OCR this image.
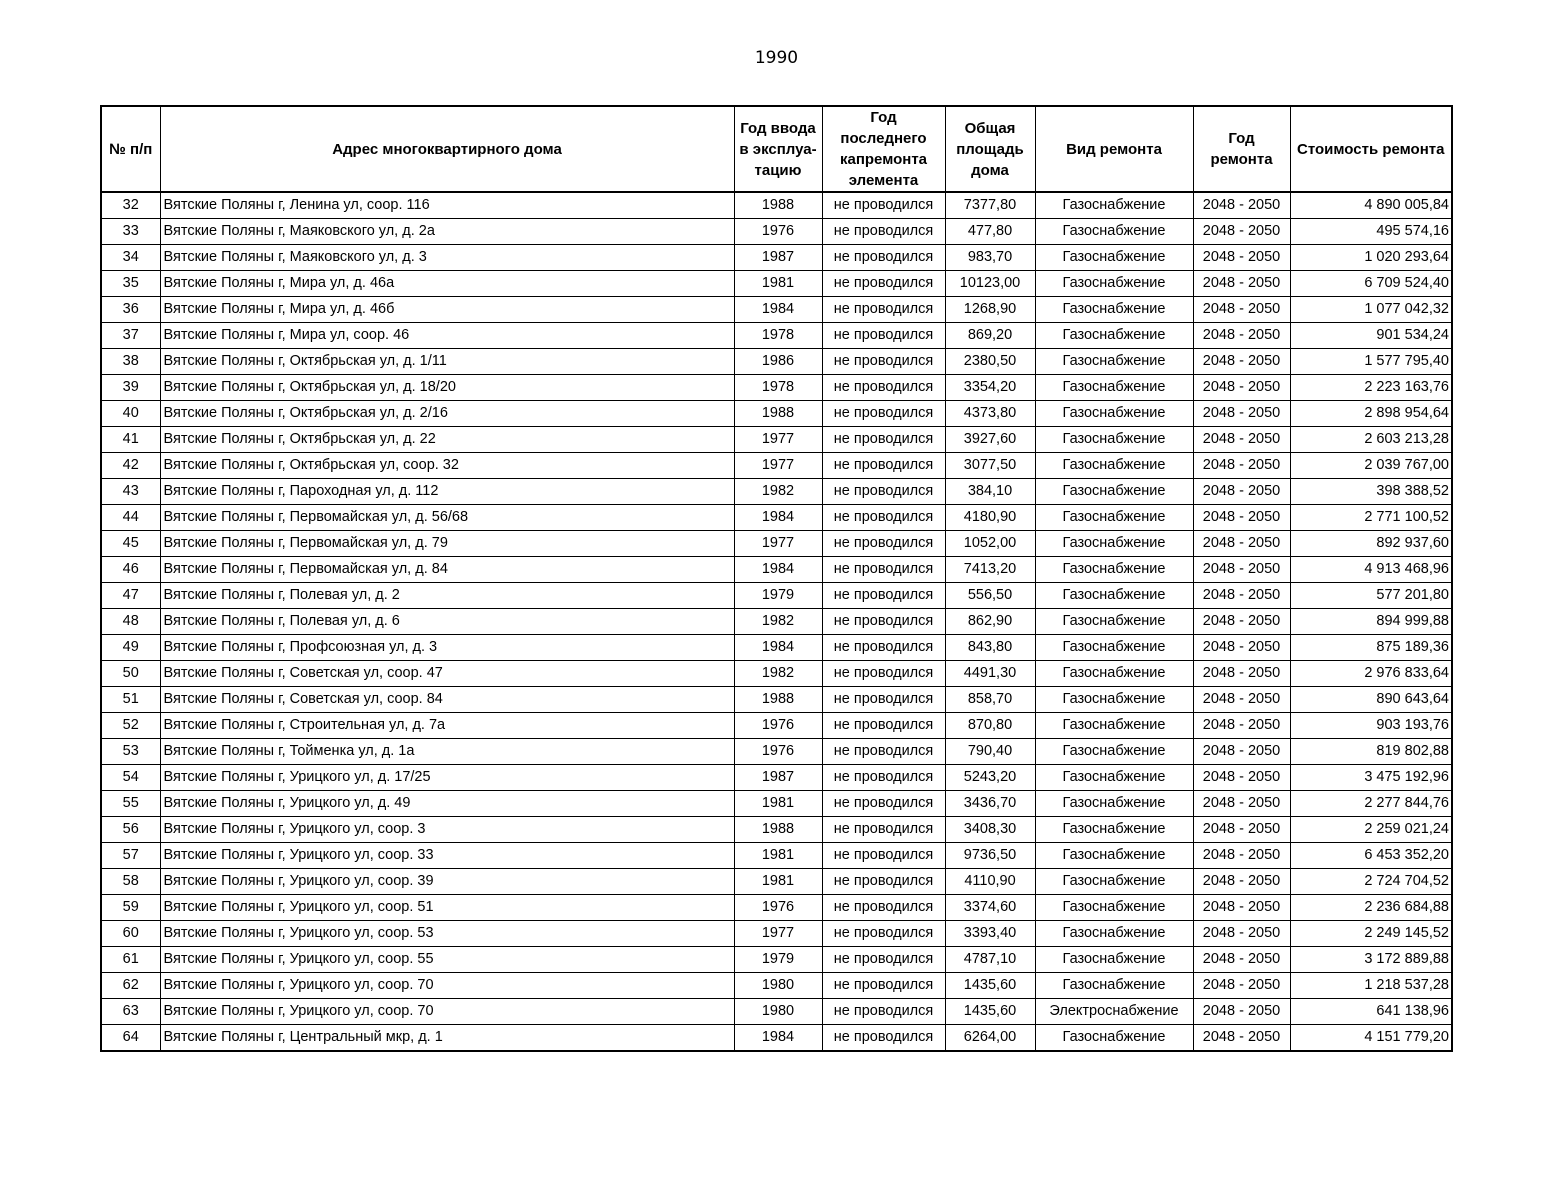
1990
№ п/п	Адрес многоквартирного дома	Год ввода в эксплуа-тацию	Год последнего капремонта элемента	Общая площадь дома	Вид ремонта	Год ремонта	Стоимость ремонта
32	Вятские Поляны г, Ленина ул, соор. 116	1988	не проводился	7377,80	Газоснабжение	2048 - 2050	4 890 005,84
33	Вятские Поляны г, Маяковского ул, д. 2а	1976	не проводился	477,80	Газоснабжение	2048 - 2050	495 574,16
34	Вятские Поляны г, Маяковского ул, д. 3	1987	не проводился	983,70	Газоснабжение	2048 - 2050	1 020 293,64
35	Вятские Поляны г, Мира ул, д. 46а	1981	не проводился	10123,00	Газоснабжение	2048 - 2050	6 709 524,40
36	Вятские Поляны г, Мира ул, д. 46б	1984	не проводился	1268,90	Газоснабжение	2048 - 2050	1 077 042,32
37	Вятские Поляны г, Мира ул, соор. 46	1978	не проводился	869,20	Газоснабжение	2048 - 2050	901 534,24
38	Вятские Поляны г, Октябрьская ул, д. 1/11	1986	не проводился	2380,50	Газоснабжение	2048 - 2050	1 577 795,40
39	Вятские Поляны г, Октябрьская ул, д. 18/20	1978	не проводился	3354,20	Газоснабжение	2048 - 2050	2 223 163,76
40	Вятские Поляны г, Октябрьская ул, д. 2/16	1988	не проводился	4373,80	Газоснабжение	2048 - 2050	2 898 954,64
41	Вятские Поляны г, Октябрьская ул, д. 22	1977	не проводился	3927,60	Газоснабжение	2048 - 2050	2 603 213,28
42	Вятские Поляны г, Октябрьская ул, соор. 32	1977	не проводился	3077,50	Газоснабжение	2048 - 2050	2 039 767,00
43	Вятские Поляны г, Пароходная ул, д. 112	1982	не проводился	384,10	Газоснабжение	2048 - 2050	398 388,52
44	Вятские Поляны г, Первомайская ул, д. 56/68	1984	не проводился	4180,90	Газоснабжение	2048 - 2050	2 771 100,52
45	Вятские Поляны г, Первомайская ул, д. 79	1977	не проводился	1052,00	Газоснабжение	2048 - 2050	892 937,60
46	Вятские Поляны г, Первомайская ул, д. 84	1984	не проводился	7413,20	Газоснабжение	2048 - 2050	4 913 468,96
47	Вятские Поляны г, Полевая ул, д. 2	1979	не проводился	556,50	Газоснабжение	2048 - 2050	577 201,80
48	Вятские Поляны г, Полевая ул, д. 6	1982	не проводился	862,90	Газоснабжение	2048 - 2050	894 999,88
49	Вятские Поляны г, Профсоюзная ул, д. 3	1984	не проводился	843,80	Газоснабжение	2048 - 2050	875 189,36
50	Вятские Поляны г, Советская ул, соор. 47	1982	не проводился	4491,30	Газоснабжение	2048 - 2050	2 976 833,64
51	Вятские Поляны г, Советская ул, соор. 84	1988	не проводился	858,70	Газоснабжение	2048 - 2050	890 643,64
52	Вятские Поляны г, Строительная ул, д. 7а	1976	не проводился	870,80	Газоснабжение	2048 - 2050	903 193,76
53	Вятские Поляны г, Тойменка ул, д. 1а	1976	не проводился	790,40	Газоснабжение	2048 - 2050	819 802,88
54	Вятские Поляны г, Урицкого ул, д. 17/25	1987	не проводился	5243,20	Газоснабжение	2048 - 2050	3 475 192,96
55	Вятские Поляны г, Урицкого ул, д. 49	1981	не проводился	3436,70	Газоснабжение	2048 - 2050	2 277 844,76
56	Вятские Поляны г, Урицкого ул, соор. 3	1988	не проводился	3408,30	Газоснабжение	2048 - 2050	2 259 021,24
57	Вятские Поляны г, Урицкого ул, соор. 33	1981	не проводился	9736,50	Газоснабжение	2048 - 2050	6 453 352,20
58	Вятские Поляны г, Урицкого ул, соор. 39	1981	не проводился	4110,90	Газоснабжение	2048 - 2050	2 724 704,52
59	Вятские Поляны г, Урицкого ул, соор. 51	1976	не проводился	3374,60	Газоснабжение	2048 - 2050	2 236 684,88
60	Вятские Поляны г, Урицкого ул, соор. 53	1977	не проводился	3393,40	Газоснабжение	2048 - 2050	2 249 145,52
61	Вятские Поляны г, Урицкого ул, соор. 55	1979	не проводился	4787,10	Газоснабжение	2048 - 2050	3 172 889,88
62	Вятские Поляны г, Урицкого ул, соор. 70	1980	не проводился	1435,60	Газоснабжение	2048 - 2050	1 218 537,28
63	Вятские Поляны г, Урицкого ул, соор. 70	1980	не проводился	1435,60	Электроснабжение	2048 - 2050	641 138,96
64	Вятские Поляны г, Центральный мкр, д. 1	1984	не проводился	6264,00	Газоснабжение	2048 - 2050	4 151 779,20
